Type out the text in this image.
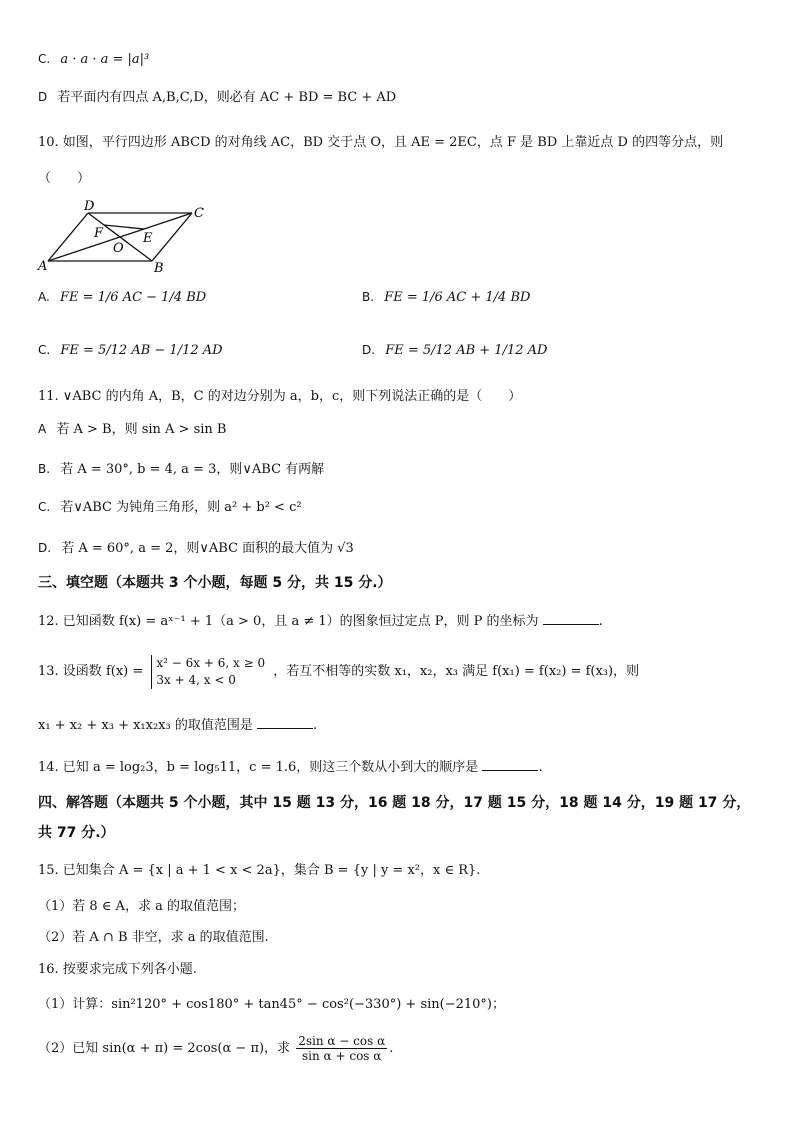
C. a · a · a = |a|³
D 若平面内有四点 A,B,C,D，则必有 AC + BD = BC + AD
10. 如图，平行四边形 ABCD 的对角线 AC，BD 交于点 O，且 AE = 2EC，点 F 是 BD 上靠近点 D 的四等分点，则
（　　）
A	B
C
D
O
E
F
A. FE = 1/6 AC − 1/4 BD	B. FE = 1/6 AC + 1/4 BD
C. FE = 5/12 AB − 1/12 AD	D. FE = 5/12 AB + 1/12 AD
11. ∨ABC 的内角 A，B，C 的对边分别为 a，b，c，则下列说法正确的是（　　）
A 若 A > B，则 sin A > sin B
B. 若 A = 30°, b = 4, a = 3，则∨ABC 有两解
C. 若∨ABC 为钝角三角形，则 a² + b² < c²
D. 若 A = 60°, a = 2，则∨ABC 面积的最大值为 √3
三、填空题（本题共 3 个小题，每题 5 分，共 15 分.）
12. 已知函数 f(x) = aˣ⁻¹ + 1（a > 0，且 a ≠ 1）的图象恒过定点 P，则 P 的坐标为	.
13. 设函数 f(x) =
x² − 6x + 6, x ≥ 0
3x + 4, x < 0
，若互不相等的实数 x₁，x₂，x₃ 满足 f(x₁) = f(x₂) = f(x₃)，则
x₁ + x₂ + x₃ + x₁x₂x₃ 的取值范围是	.
14. 已知 a = log₂3，b = log₅11，c = 1.6，则这三个数从小到大的顺序是	.
四、解答题（本题共 5 个小题，其中 15 题 13 分，16 题 18 分，17 题 15 分，18 题 14 分，19 题 17 分，
共 77 分.）
15. 已知集合 A = {x | a + 1 < x < 2a}，集合 B = {y | y = x²，x ∈ R}.
（1）若 8 ∈ A，求 a 的取值范围；
（2）若 A ∩ B 非空，求 a 的取值范围.
16. 按要求完成下列各小题.
（1）计算：sin²120° + cos180° + tan45° − cos²(−330°) + sin(−210°)；
（2）已知 sin(α + π) = 2cos(α − π)，求 $\frac{\text{2sin α − cos α}}{\text{sin α + cos α}}$ .
